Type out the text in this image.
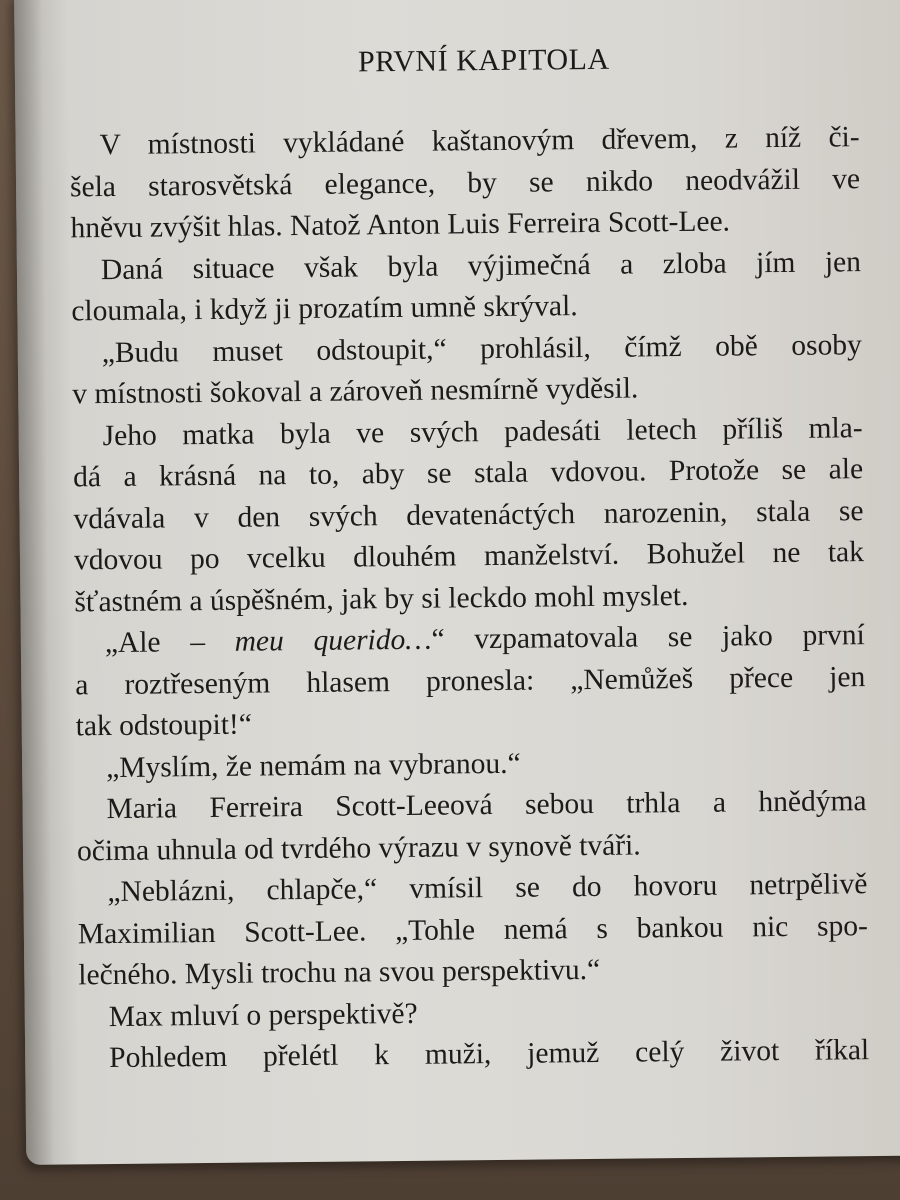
PRVNÍ KAPITOLA
V místnosti vykládané kaštanovým dřevem, z níž či-
šela starosvětská elegance, by se nikdo neodvážil ve
hněvu zvýšit hlas. Natož Anton Luis Ferreira Scott-Lee.
Daná situace však byla výjimečná a zloba jím jen
cloumala, i když ji prozatím umně skrýval.
„Budu muset odstoupit,“ prohlásil, čímž obě osoby
v místnosti šokoval a zároveň nesmírně vyděsil.
Jeho matka byla ve svých padesáti letech příliš mla-
dá a krásná na to, aby se stala vdovou. Protože se ale
vdávala v den svých devatenáctých narozenin, stala se
vdovou po vcelku dlouhém manželství. Bohužel ne tak
šťastném a úspěšném, jak by si leckdo mohl myslet.
„Ale – meu querido…“ vzpamatovala se jako první
a roztřeseným hlasem pronesla: „Nemůžeš přece jen
tak odstoupit!“
„Myslím, že nemám na vybranou.“
Maria Ferreira Scott-Leeová sebou trhla a hnědýma
očima uhnula od tvrdého výrazu v synově tváři.
„Neblázni, chlapče,“ vmísil se do hovoru netrpělivě
Maximilian Scott-Lee. „Tohle nemá s bankou nic spo-
lečného. Mysli trochu na svou perspektivu.“
Max mluví o perspektivě?
Pohledem přelétl k muži, jemuž celý život říkal
